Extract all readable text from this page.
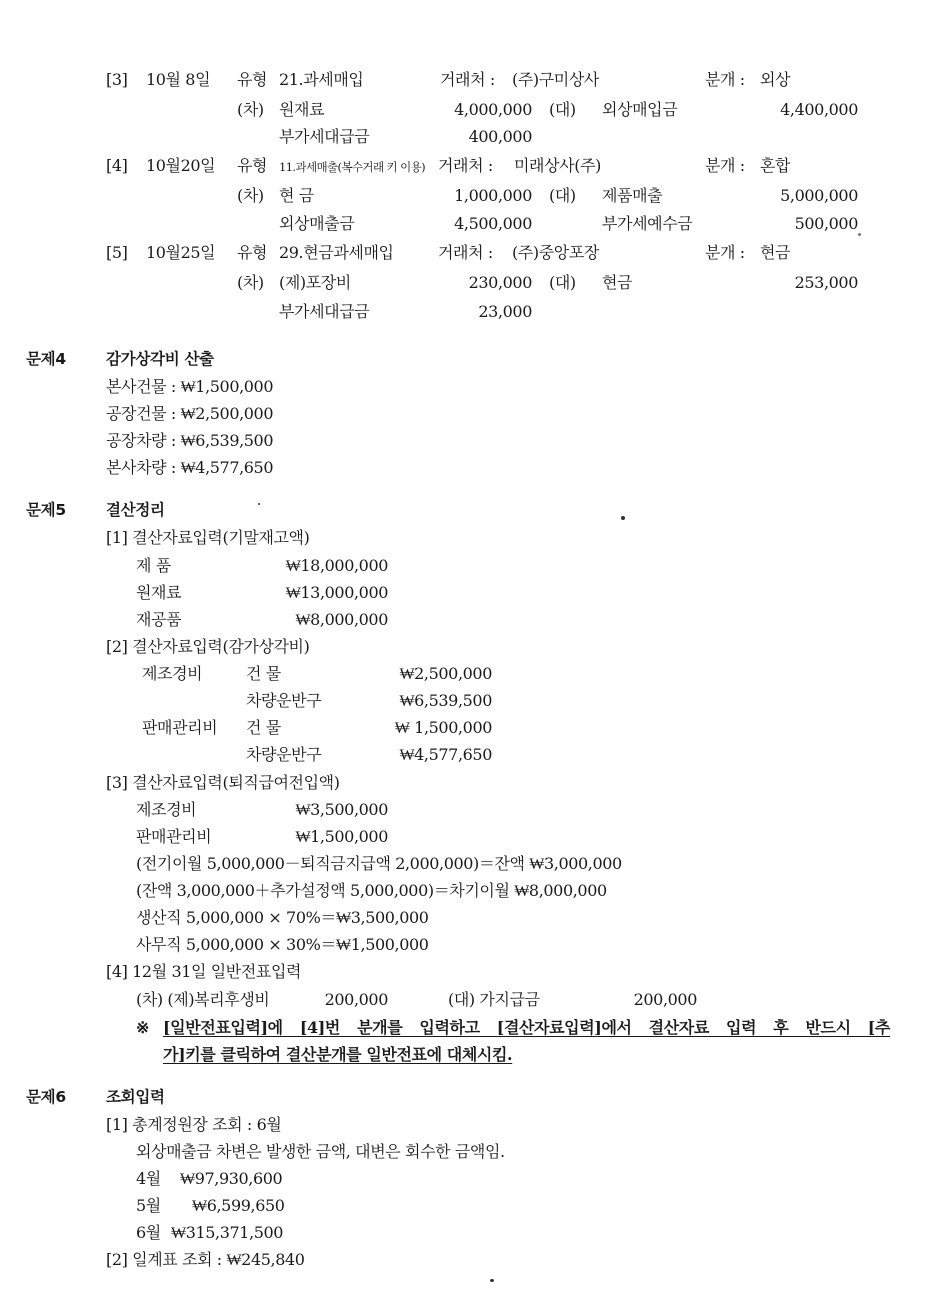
[3] 10월 8일 유형 21.과세매입	거래처 : (주)구미상사	분개 : 외상
(차) 원재료	4,000,000 (대) 외상매입금	4,400,000
부가세대급금	400,000
[4] 10월20일 유형 11.과세매출(복수거래 키 이용) 거래처 : 미래상사(주)	분개 : 혼합
(차) 현 금	1,000,000 (대) 제품매출	5,000,000
외상매출금	4,500,000	부가세예수금	500,000
[5] 10월25일 유형 29.현금과세매입	거래처 : (주)중앙포장	분개 : 현금
(차) (제)포장비	230,000 (대) 현금	253,000
부가세대급금	23,000
문제4	감가상각비 산출
본사건물 : ₩1,500,000
공장건물 : ₩2,500,000
공장차량 : ₩6,539,500
본사차량 : ₩4,577,650
문제5	결산정리
[1] 결산자료입력(기말재고액)
제 품	₩18,000,000
원재료	₩13,000,000
재공품	₩8,000,000
[2] 결산자료입력(감가상각비)
제조경비	건 물	₩2,500,000
차량운반구	₩6,539,500
판매관리비 건 물	₩ 1,500,000
차량운반구	₩4,577,650
[3] 결산자료입력(퇴직급여전입액)
제조경비	₩3,500,000
판매관리비	₩1,500,000
(전기이월 5,000,000－퇴직금지급액 2,000,000)＝잔액 ₩3,000,000
(잔액 3,000,000＋추가설정액 5,000,000)＝차기이월 ₩8,000,000
생산직 5,000,000 × 70%＝₩3,500,000
사무직 5,000,000 × 30%＝₩1,500,000
[4] 12월 31일 일반전표입력
(차) (제)복리후생비	200,000	(대) 가지급금	200,000
※ [일반전표입력]에 [4]번 분개를 입력하고 [결산자료입력]에서 결산자료 입력 후 반드시 [추
가]키를 클릭하여 결산분개를 일반전표에 대체시킴.
문제6	조회입력
[1] 총계정원장 조회 : 6월
외상매출금 차변은 발생한 금액, 대변은 회수한 금액임.
4월 ₩97,930,600
5월 ₩6,599,650
6월 ₩315,371,500
[2] 일계표 조회 : ₩245,840
